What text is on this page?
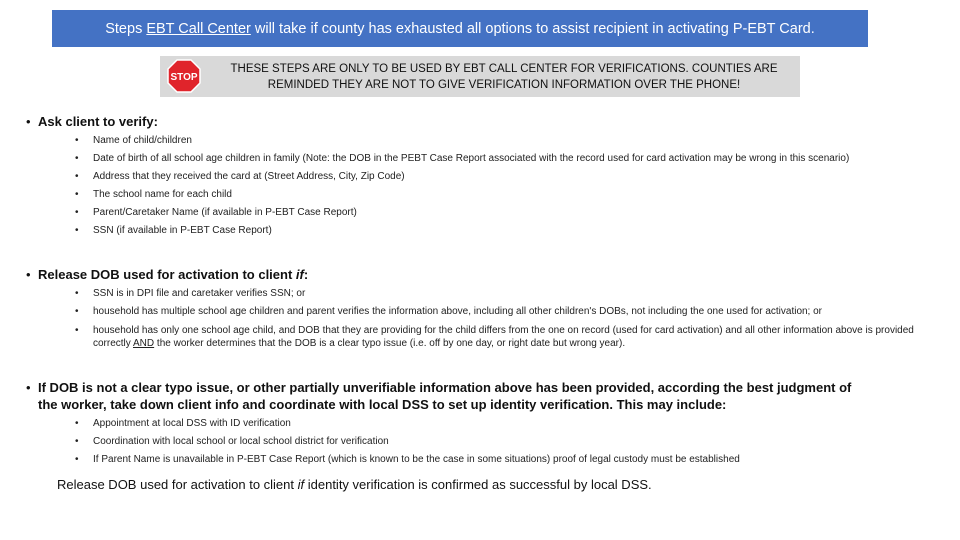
Steps EBT Call Center will take if county has exhausted all options to assist recipient in activating P-EBT Card.
STOP
THESE STEPS ARE ONLY TO BE USED BY EBT CALL CENTER FOR VERIFICATIONS. COUNTIES ARE
REMINDED THEY ARE NOT TO GIVE VERIFICATION INFORMATION OVER THE PHONE!
• Ask client to verify:
• Name of child/children
• Date of birth of all school age children in family (Note: the DOB in the PEBT Case Report associated with the record used for card activation may be wrong in this scenario)
• Address that they received the card at (Street Address, City, Zip Code)
• The school name for each child
• Parent/Caretaker Name (if available in P-EBT Case Report)
• SSN (if available in P-EBT Case Report)
• Release DOB used for activation to client if:
• SSN is in DPI file and caretaker verifies SSN; or
• household has multiple school age children and parent verifies the information above, including all other children's DOBs, not including the one used for activation; or
• household has only one school age child, and DOB that they are providing for the child differs from the one on record (used for card activation) and all other information above is provided correctly AND the worker determines that the DOB is a clear typo issue (i.e. off by one day, or right date but wrong year).
• If DOB is not a clear typo issue, or other partially unverifiable information above has been provided, according the best judgment of
the worker, take down client info and coordinate with local DSS to set up identity verification. This may include:
• Appointment at local DSS with ID verification
• Coordination with local school or local school district for verification
• If Parent Name is unavailable in P-EBT Case Report (which is known to be the case in some situations) proof of legal custody must be established
Release DOB used for activation to client if identity verification is confirmed as successful by local DSS.
